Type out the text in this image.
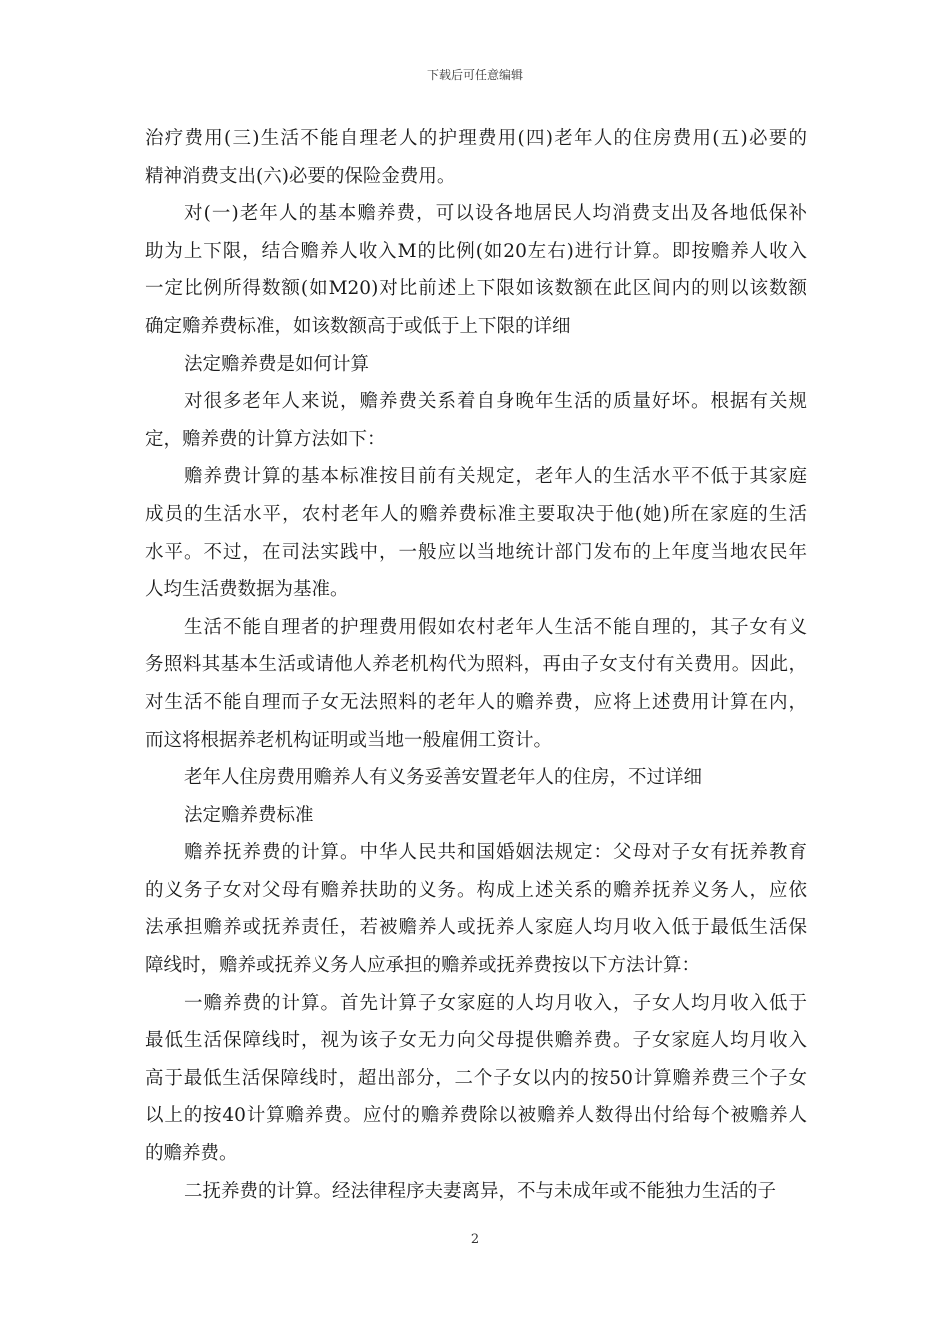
下载后可任意编辑
治疗费用(三)生活不能自理老人的护理费用(四)老年人的住房费用(五)必要的
精神消费支出(六)必要的保险金费用。
对(一)老年人的基本赡养费，可以设各地居民人均消费支出及各地低保补
助为上下限，结合赡养人收入M的比例(如20左右)进行计算。即按赡养人收入
一定比例所得数额(如M20)对比前述上下限如该数额在此区间内的则以该数额
确定赡养费标准，如该数额高于或低于上下限的详细
法定赡养费是如何计算
对很多老年人来说，赡养费关系着自身晚年生活的质量好坏。根据有关规
定，赡养费的计算方法如下：
赡养费计算的基本标准按目前有关规定，老年人的生活水平不低于其家庭
成员的生活水平，农村老年人的赡养费标准主要取决于他(她)所在家庭的生活
水平。不过，在司法实践中，一般应以当地统计部门发布的上年度当地农民年
人均生活费数据为基准。
生活不能自理者的护理费用假如农村老年人生活不能自理的，其子女有义
务照料其基本生活或请他人养老机构代为照料，再由子女支付有关费用。因此，
对生活不能自理而子女无法照料的老年人的赡养费，应将上述费用计算在内，
而这将根据养老机构证明或当地一般雇佣工资计。
老年人住房费用赡养人有义务妥善安置老年人的住房，不过详细
法定赡养费标准
赡养抚养费的计算。中华人民共和国婚姻法规定：父母对子女有抚养教育
的义务子女对父母有赡养扶助的义务。构成上述关系的赡养抚养义务人，应依
法承担赡养或抚养责任，若被赡养人或抚养人家庭人均月收入低于最低生活保
障线时，赡养或抚养义务人应承担的赡养或抚养费按以下方法计算：
一赡养费的计算。首先计算子女家庭的人均月收入，子女人均月收入低于
最低生活保障线时，视为该子女无力向父母提供赡养费。子女家庭人均月收入
高于最低生活保障线时，超出部分，二个子女以内的按50计算赡养费三个子女
以上的按40计算赡养费。应付的赡养费除以被赡养人数得出付给每个被赡养人
的赡养费。
二抚养费的计算。经法律程序夫妻离异，不与未成年或不能独力生活的子
2
